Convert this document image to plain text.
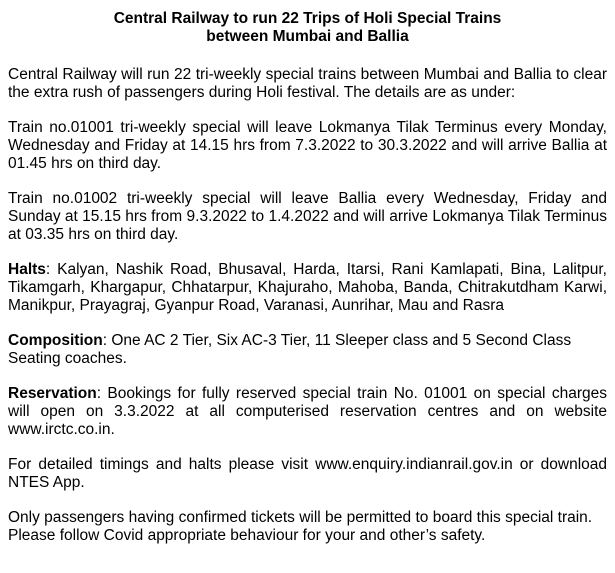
Central Railway to run 22 Trips of Holi Special Trains
between Mumbai and Ballia

Central Railway will run 22 tri-weekly special trains between Mumbai and Ballia to clear the extra rush of passengers during Holi festival. The details are as under:

Train no.01001 tri-weekly special will leave Lokmanya Tilak Terminus every Monday, Wednesday and Friday at 14.15 hrs from 7.3.2022 to 30.3.2022 and will arrive Ballia at 01.45 hrs on third day.

Train no.01002 tri-weekly special will leave Ballia every Wednesday, Friday and Sunday at 15.15 hrs from 9.3.2022 to 1.4.2022 and will arrive Lokmanya Tilak Terminus at 03.35 hrs on third day.

Halts: Kalyan, Nashik Road, Bhusaval, Harda, Itarsi, Rani Kamlapati, Bina, Lalitpur, Tikamgarh, Khargapur, Chhatarpur, Khajuraho, Mahoba, Banda, Chitrakutdham Karwi, Manikpur, Prayagraj, Gyanpur Road, Varanasi, Aunrihar, Mau and Rasra

Composition: One AC 2 Tier, Six AC-3 Tier, 11 Sleeper class and 5 Second Class Seating coaches.

Reservation: Bookings for fully reserved special train No. 01001 on special charges will open on 3.3.2022 at all computerised reservation centres and on website www.irctc.co.in.

For detailed timings and halts please visit www.enquiry.indianrail.gov.in or download NTES App.

Only passengers having confirmed tickets will be permitted to board this special train. Please follow Covid appropriate behaviour for your and other’s safety.
